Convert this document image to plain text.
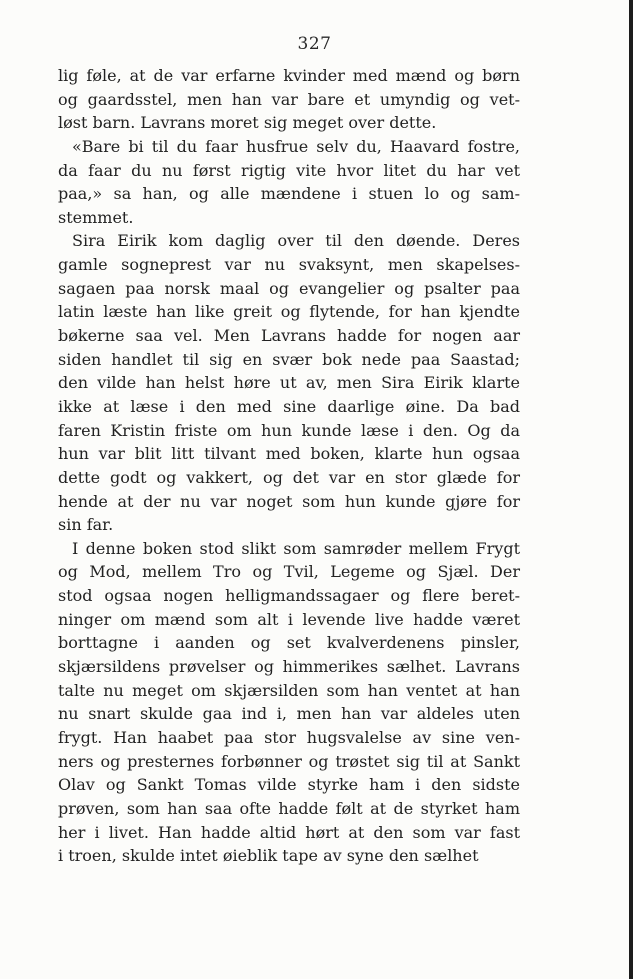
327
lig føle, at de var erfarne kvinder med mænd og børn
og gaardsstel, men han var bare et umyndig og vet-
løst barn. Lavrans moret sig meget over dette.
«Bare bi til du faar husfrue selv du, Haavard fostre,
da faar du nu først rigtig vite hvor litet du har vet
paa,» sa han, og alle mændene i stuen lo og sam-
stemmet.
Sira Eirik kom daglig over til den døende. Deres
gamle sogneprest var nu svaksynt, men skapelses-
sagaen paa norsk maal og evangelier og psalter paa
latin læste han like greit og flytende, for han kjendte
bøkerne saa vel. Men Lavrans hadde for nogen aar
siden handlet til sig en svær bok nede paa Saastad;
den vilde han helst høre ut av, men Sira Eirik klarte
ikke at læse i den med sine daarlige øine. Da bad
faren Kristin friste om hun kunde læse i den. Og da
hun var blit litt tilvant med boken, klarte hun ogsaa
dette godt og vakkert, og det var en stor glæde for
hende at der nu var noget som hun kunde gjøre for
sin far.
I denne boken stod slikt som samrøder mellem Frygt
og Mod, mellem Tro og Tvil, Legeme og Sjæl. Der
stod ogsaa nogen helligmandssagaer og flere beret-
ninger om mænd som alt i levende live hadde været
borttagne i aanden og set kvalverdenens pinsler,
skjærsildens prøvelser og himmerikes sælhet. Lavrans
talte nu meget om skjærsilden som han ventet at han
nu snart skulde gaa ind i, men han var aldeles uten
frygt. Han haabet paa stor hugsvalelse av sine ven-
ners og presternes forbønner og trøstet sig til at Sankt
Olav og Sankt Tomas vilde styrke ham i den sidste
prøven, som han saa ofte hadde følt at de styrket ham
her i livet. Han hadde altid hørt at den som var fast
i troen, skulde intet øieblik tape av syne den sælhet
